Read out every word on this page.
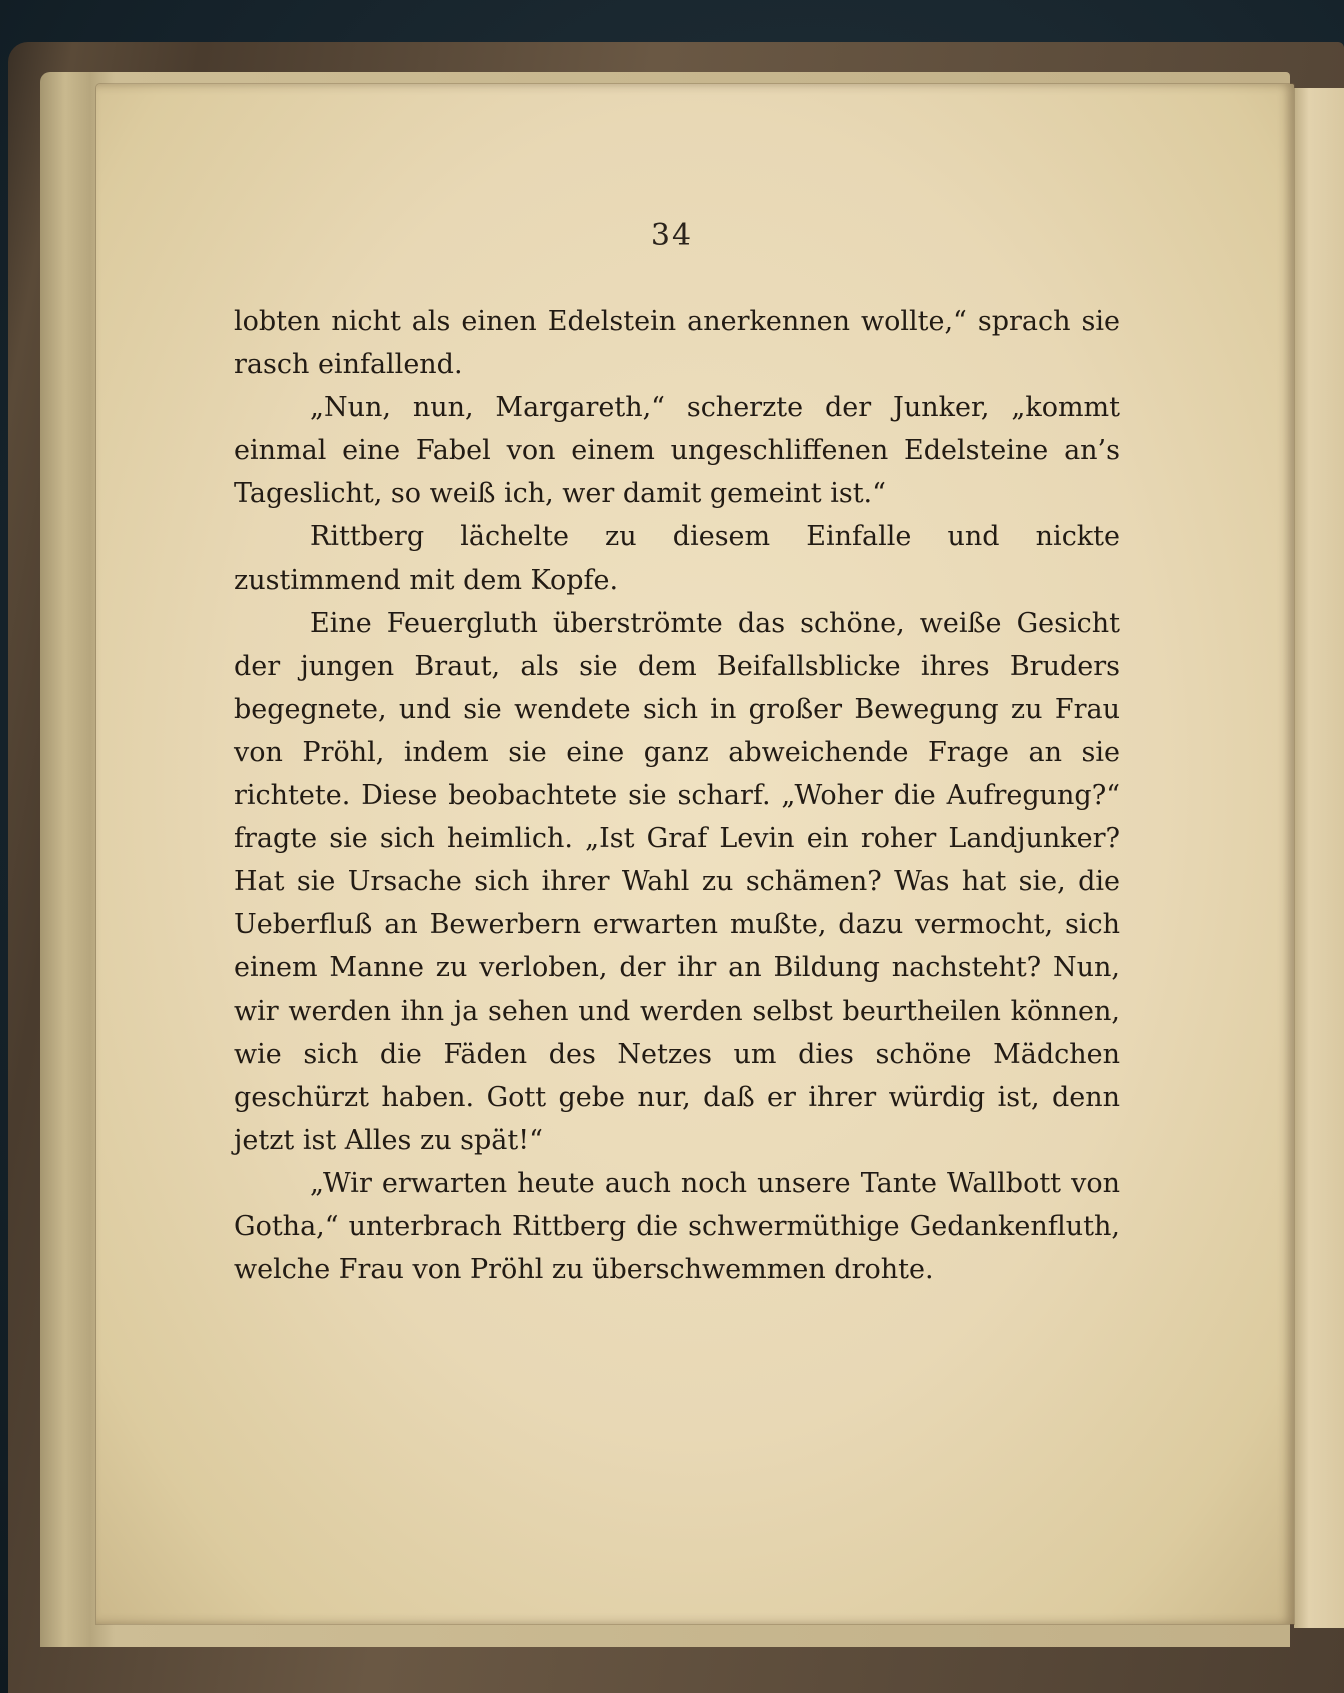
34

lobten nicht als einen Edelstein anerkennen wollte,“ sprach sie rasch einfallend.

„Nun, nun, Margareth,“ scherzte der Junker, „kommt einmal eine Fabel von einem ungeschliffenen Edelsteine an’s Tageslicht, so weiß ich, wer damit gemeint ist.“

Rittberg lächelte zu diesem Einfalle und nickte zustimmend mit dem Kopfe.

Eine Feuergluth überströmte das schöne, weiße Gesicht der jungen Braut, als sie dem Beifallsblicke ihres Bruders begegnete, und sie wendete sich in großer Bewegung zu Frau von Pröhl, indem sie eine ganz abweichende Frage an sie richtete. Diese beobachtete sie scharf. „Woher die Aufregung?“ fragte sie sich heimlich. „Ist Graf Levin ein roher Landjunker? Hat sie Ursache sich ihrer Wahl zu schämen? Was hat sie, die Ueberfluß an Bewerbern erwarten mußte, dazu vermocht, sich einem Manne zu verloben, der ihr an Bildung nachsteht? Nun, wir werden ihn ja sehen und werden selbst beurtheilen können, wie sich die Fäden des Netzes um dies schöne Mädchen geschürzt haben. Gott gebe nur, daß er ihrer würdig ist, denn jetzt ist Alles zu spät!“

„Wir erwarten heute auch noch unsere Tante Wallbott von Gotha,“ unterbrach Rittberg die schwermüthige Gedankenfluth, welche Frau von Pröhl zu überschwemmen drohte.
